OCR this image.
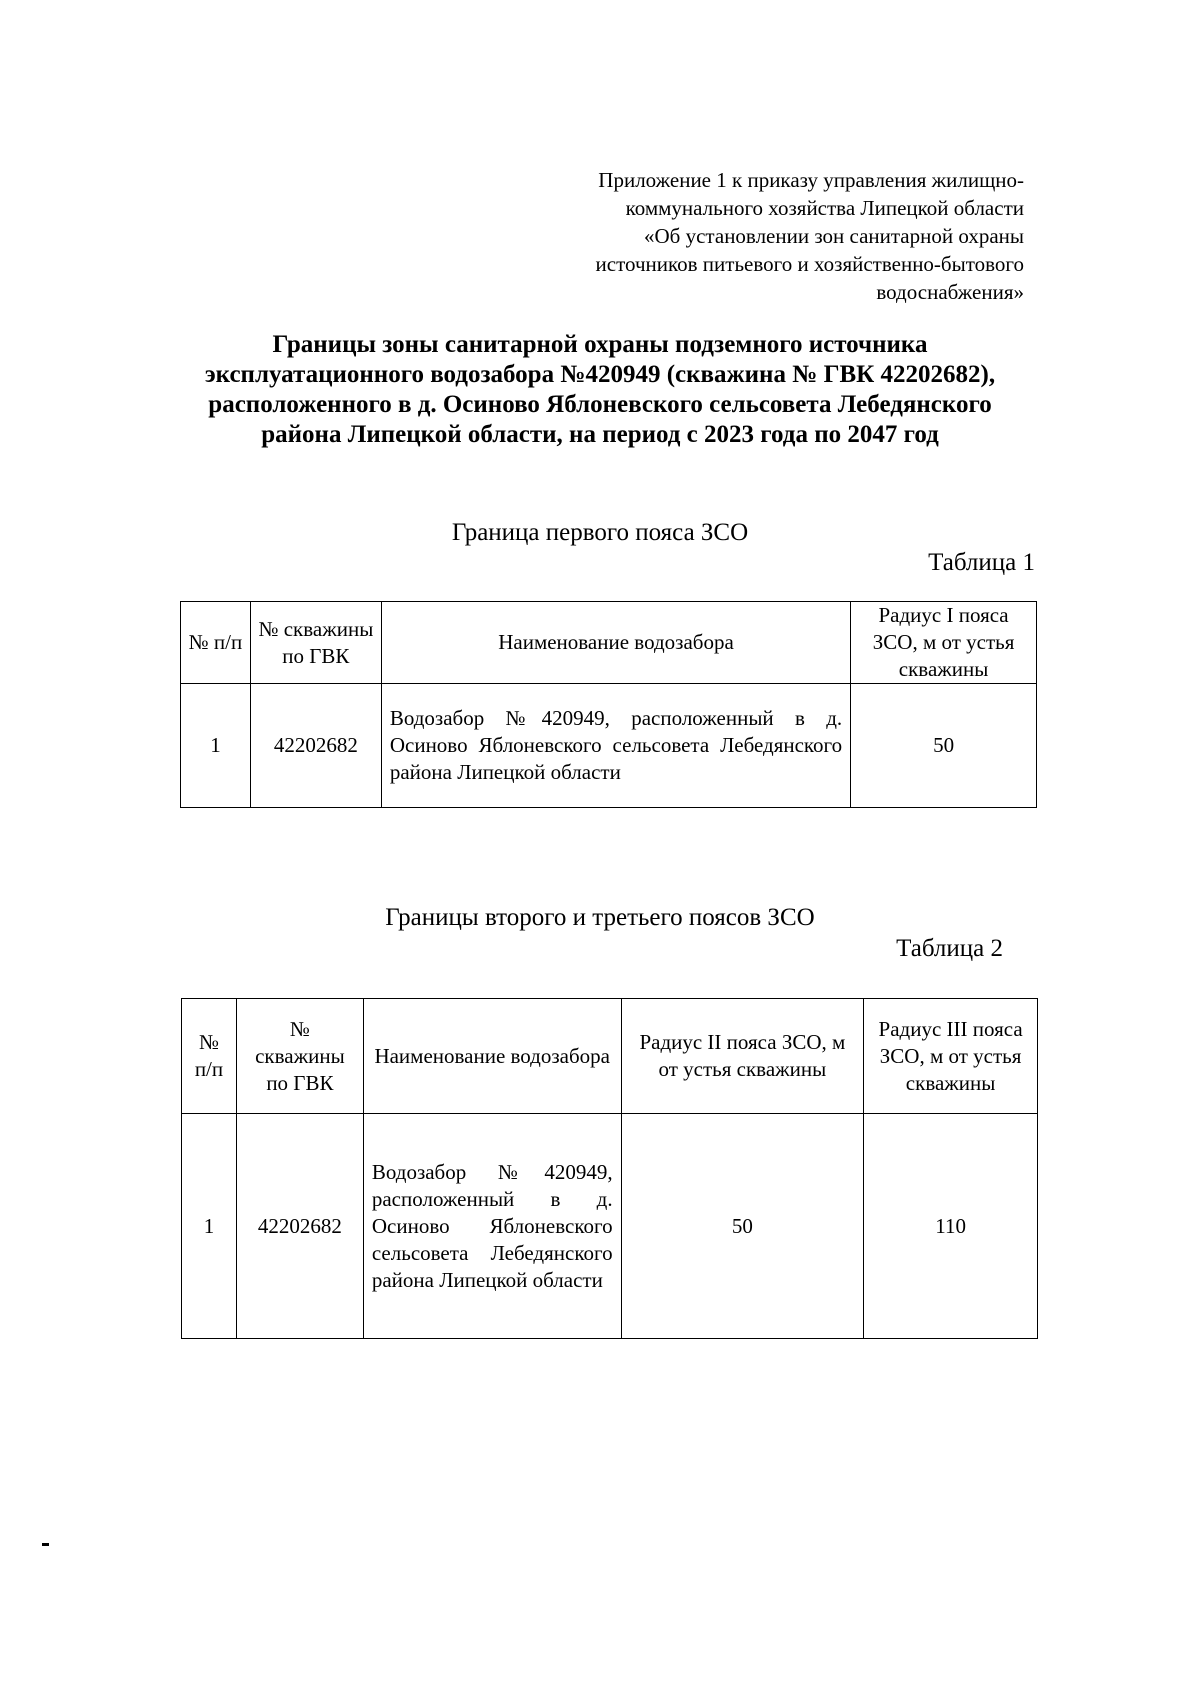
Приложение 1 к приказу управления жилищно-
коммунального хозяйства Липецкой области
«Об установлении зон санитарной охраны
источников питьевого и хозяйственно-бытового
водоснабжения»
Границы зоны санитарной охраны подземного источника
эксплуатационного водозабора №420949 (скважина № ГВК 42202682),
расположенного в д. Осиново Яблоневского сельсовета Лебедянского
района Липецкой области, на период с 2023 года по 2047 год
Граница первого пояса ЗСО
Таблица 1
№ п/п	№ скважины по ГВК	Наименование водозабора	Радиус I пояса ЗСО, м от устья скважины
1	42202682	Водозабор №420949, расположенный в д. Осиново Яблоневского сельсовета Лебедянского района Липецкой области	50
Границы второго и третьего поясов ЗСО
Таблица 2
№ п/п	№ скважины по ГВК	Наименование водозабора	Радиус II пояса ЗСО, м от устья скважины	Радиус III пояса ЗСО, м от устья скважины
1	42202682	Водозабор №420949, расположенный в д. Осиново Яблоневского сельсовета Лебедянского района Липецкой области	50	110
